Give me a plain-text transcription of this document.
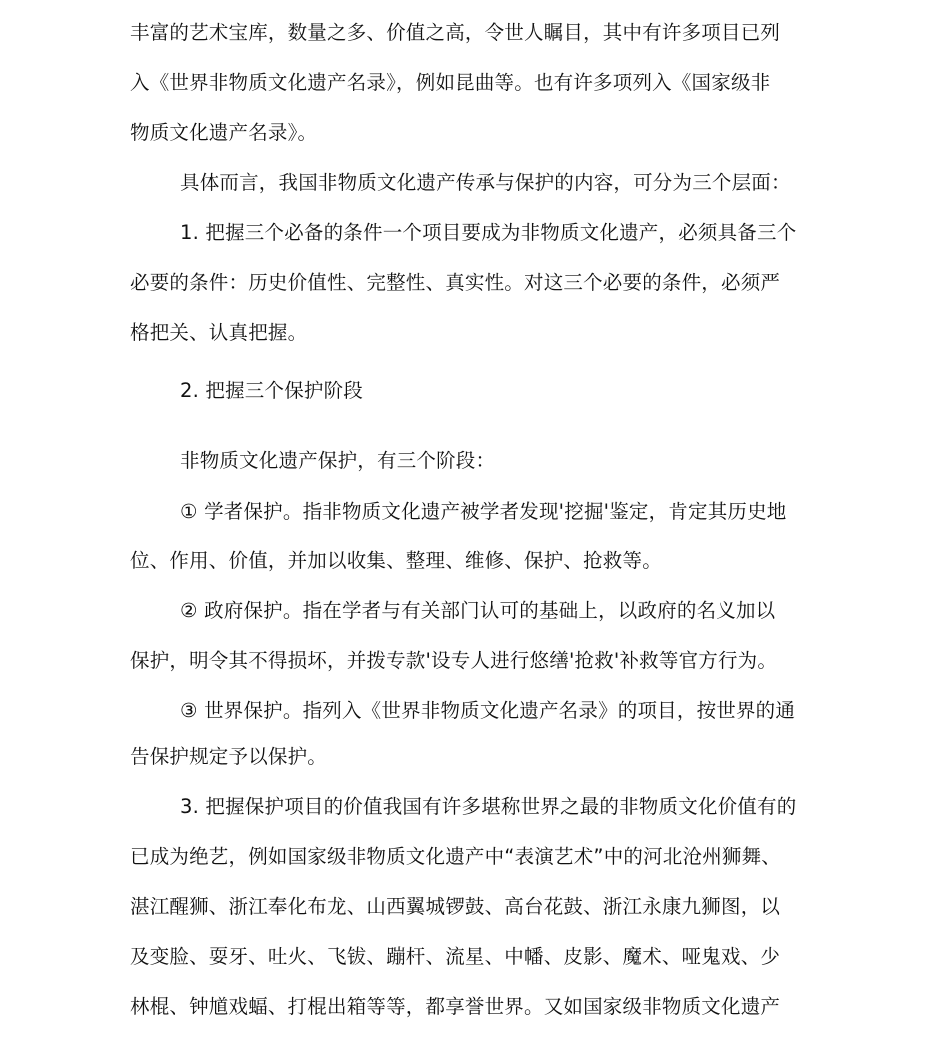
丰富的艺术宝库，数量之多、价值之高，令世人瞩目，其中有许多项目已列
入《世界非物质文化遗产名录》，例如昆曲等。也有许多项列入《国家级非
物质文化遗产名录》。
具体而言，我国非物质文化遗产传承与保护的内容，可分为三个层面：
1. 把握三个必备的条件一个项目要成为非物质文化遗产，必须具备三个
必要的条件：历史价值性、完整性、真实性。对这三个必要的条件，必须严
格把关、认真把握。
2. 把握三个保护阶段
非物质文化遗产保护，有三个阶段：
① 学者保护。指非物质文化遗产被学者发现'挖掘'鉴定，肯定其历史地
位、作用、价值，并加以收集、整理、维修、保护、抢救等。
② 政府保护。指在学者与有关部门认可的基础上，以政府的名义加以
保护，明令其不得损坏，并拨专款'设专人进行悠缮'抢救'补救等官方行为。
③ 世界保护。指列入《世界非物质文化遗产名录》的项目，按世界的通
告保护规定予以保护。
3. 把握保护项目的价值我国有许多堪称世界之最的非物质文化价值有的
已成为绝艺，例如国家级非物质文化遗产中“表演艺术”中的河北沧州狮舞、
湛江醒狮、浙江奉化布龙、山西翼城锣鼓、高台花鼓、浙江永康九狮图，以
及变脸、耍牙、吐火、飞钹、蹦杆、流星、中幡、皮影、魔术、哑鬼戏、少
林棍、钟馗戏蝠、打棍出箱等等，都享誉世界。又如国家级非物质文化遗产
